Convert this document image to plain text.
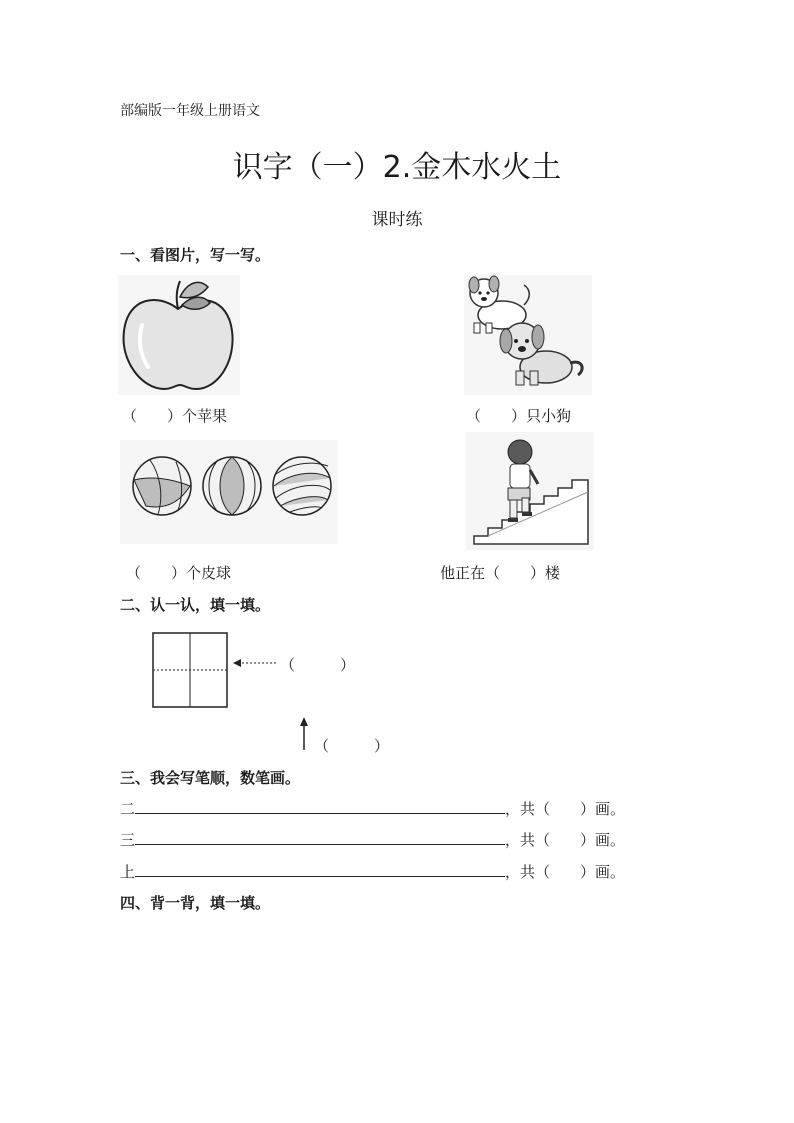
部编版一年级上册语文
识字（一）2.金木水火土
课时练
一、看图片，写一写。
（　　）个苹果	（　　）只小狗
（　　）个皮球	他正在（　　）楼
二、认一认，填一填。
（　　　）
（　　　）
三、我会写笔顺，数笔画。
二	，共（　　）画。
三	，共（　　）画。
上	，共（　　）画。
四、背一背，填一填。
